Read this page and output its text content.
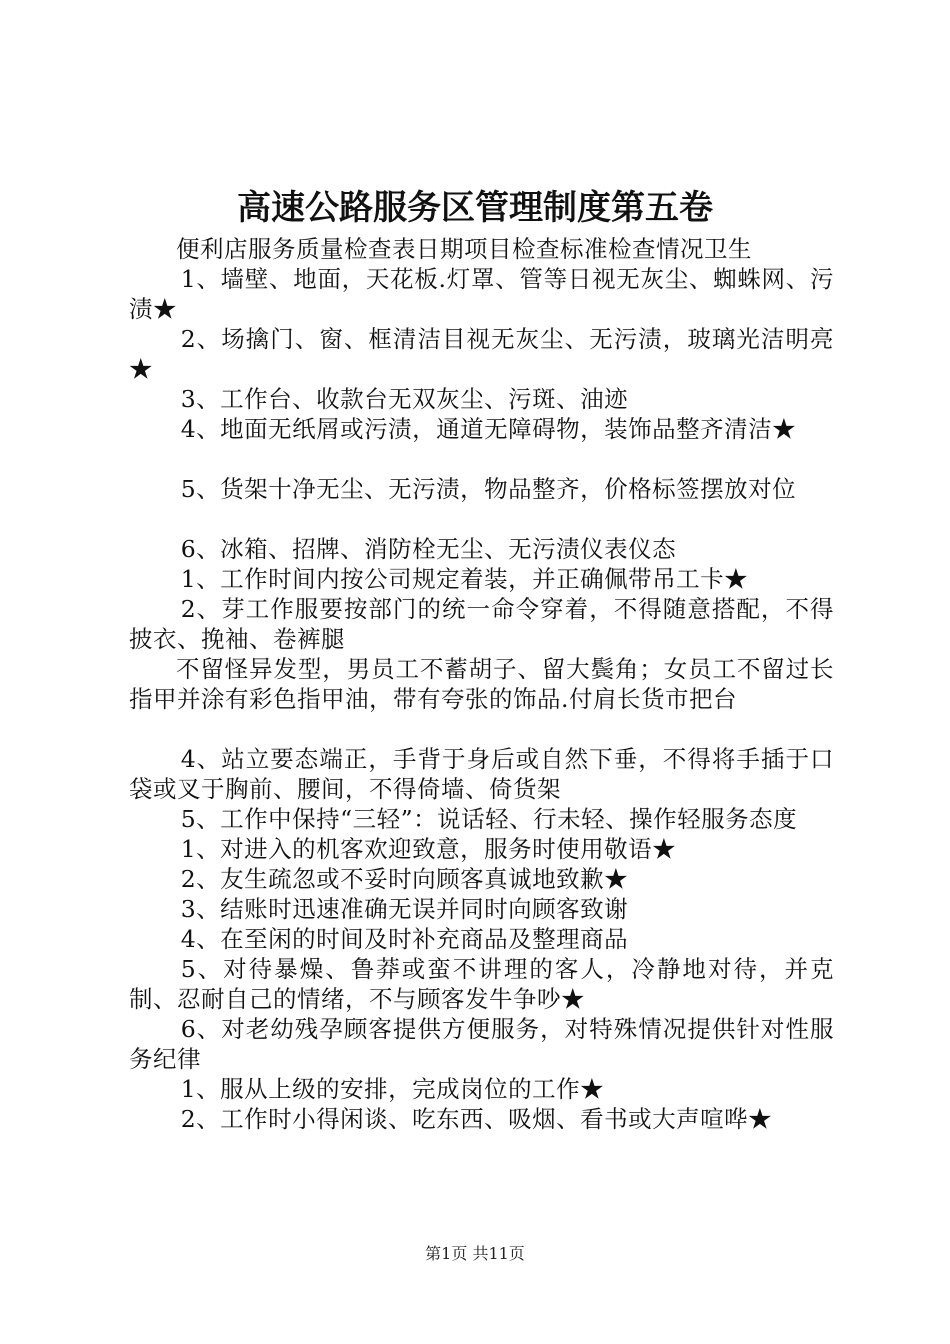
高速公路服务区管理制度第五卷

便利店服务质量检查表日期项目检查标准检查情况卫生

1、墙壁、地面，天花板.灯罩、管等日视无灰尘、蜘蛛网、污渍★

2、场擒门、窗、框清洁目视无灰尘、无污渍，玻璃光洁明亮★

3、工作台、收款台无双灰尘、污斑、油迹

4、地面无纸屑或污渍，通道无障碍物，装饰品整齐清洁★

5、货架十净无尘、无污渍，物品整齐，价格标签摆放对位

6、冰箱、招牌、消防栓无尘、无污渍仪表仪态

1、工作时间内按公司规定着装，并正确佩带吊工卡★

2、芽工作服要按部门的统一命令穿着，不得随意搭配，不得披衣、挽袖、卷裤腿

不留怪异发型，男员工不蓄胡子、留大鬓角；女员工不留过长指甲并涂有彩色指甲油，带有夸张的饰品.付肩长货市把台

4、站立要态端正，手背于身后或自然下垂，不得将手插于口袋或叉于胸前、腰间，不得倚墙、倚货架

5、工作中保持“三轻”：说话轻、行未轻、操作轻服务态度

1、对进入的机客欢迎致意，服务时使用敬语★

2、友生疏忽或不妥时向顾客真诚地致歉★

3、结账时迅速准确无误并同时向顾客致谢

4、在至闲的时间及时补充商品及整理商品

5、对待暴燥、鲁莽或蛮不讲理的客人，冷静地对待，并克制、忍耐自己的情绪，不与顾客发牛争吵★

6、对老幼残孕顾客提供方便服务，对特殊情况提供针对性服务纪律

1、服从上级的安排，完成岗位的工作★

2、工作时小得闲谈、吃东西、吸烟、看书或大声喧哗★

第1页 共11页
